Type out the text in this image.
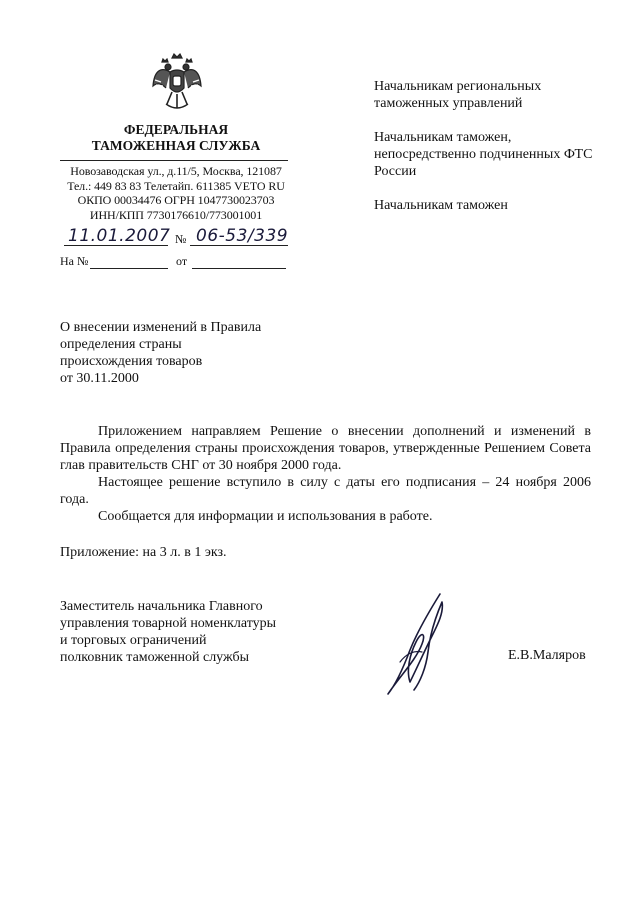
ФЕДЕРАЛЬНАЯ
ТАМОЖЕННАЯ СЛУЖБА
Новозаводская ул., д.11/5, Москва, 121087
Тел.: 449 83 83 Телетайп. 611385 VETO RU
ОКПО 00034476 ОГРН 1047730023703
ИНН/КПП 7730176610/773001001
11.01.2007 № 06-53/339
На №	от
Начальникам региональных таможенных управлений
Начальникам таможен, непосредственно подчиненных ФТС России
Начальникам таможен
О внесении изменений в Правила
определения страны
происхождения товаров
от 30.11.2000

Приложением направляем Решение о внесении дополнений и изменений в Правила определения страны происхождения товаров, утвержденные Решением Совета глав правительств СНГ от 30 ноября 2000 года.

Настоящее решение вступило в силу с даты его подписания – 24 ноября 2006 года.

Сообщается для информации и использования в работе.

Приложение: на 3 л. в 1 экз.
Заместитель начальника Главного
управления товарной номенклатуры
и торговых ограничений
полковник таможенной службы	Е.В.Маляров
